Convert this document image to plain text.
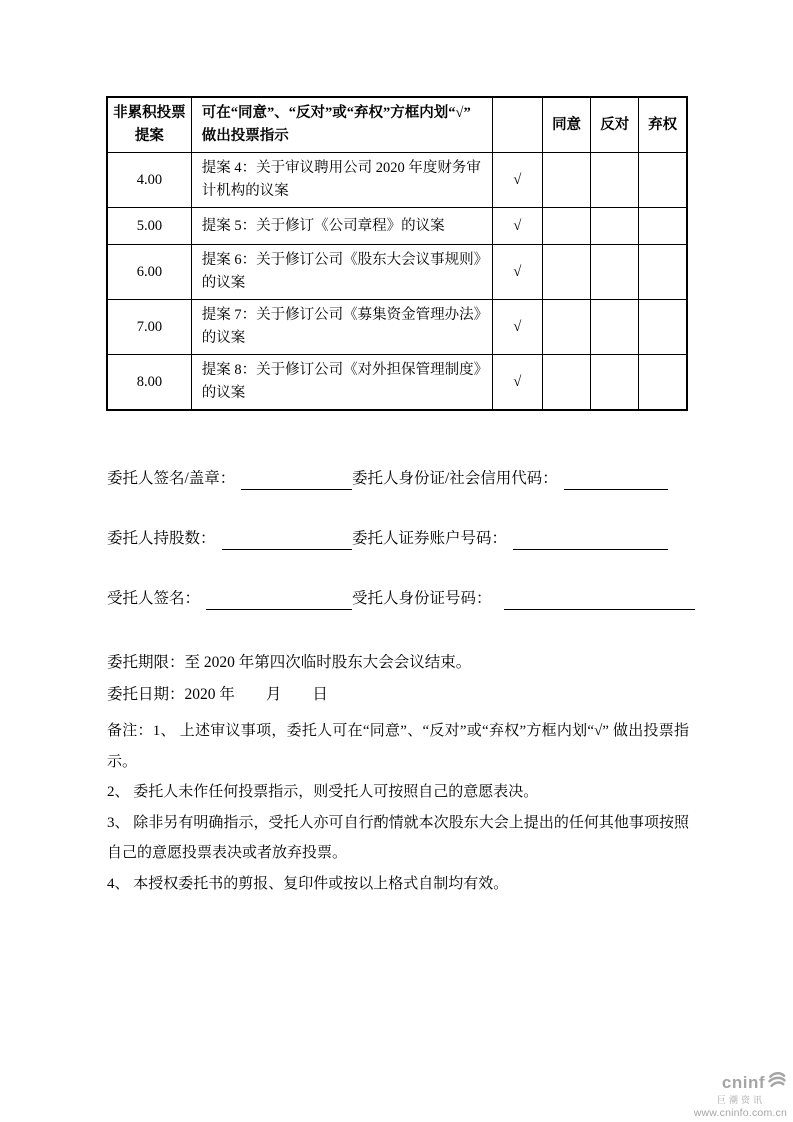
非累积投票提案	可在“同意”、“反对”或“弃权”方框内划“√” 做出投票指示		同意	反对	弃权
4.00	提案 4：关于审议聘用公司 2020 年度财务审计机构的议案	√			
5.00	提案 5：关于修订《公司章程》的议案	√			
6.00	提案 6：关于修订公司《股东大会议事规则》的议案	√			
7.00	提案 7：关于修订公司《募集资金管理办法》的议案	√			
8.00	提案 8：关于修订公司《对外担保管理制度》的议案	√			
委托人签名/盖章：	委托人身份证/社会信用代码：
委托人持股数：	委托人证券账户号码：
受托人签名：	受托人身份证号码：
委托期限：至 2020 年第四次临时股东大会会议结束。
委托日期：2020 年　　月　　日

备注：1、 上述审议事项，委托人可在“同意”、“反对”或“弃权”方框内划“√” 做出投票指示。

2、 委托人未作任何投票指示，则受托人可按照自己的意愿表决。

3、 除非另有明确指示，受托人亦可自行酌情就本次股东大会上提出的任何其他事项按照自己的意愿投票表决或者放弃投票。

4、 本授权委托书的剪报、复印件或按以上格式自制均有效。

cninf
巨潮资讯
www.cninfo.com.cn
